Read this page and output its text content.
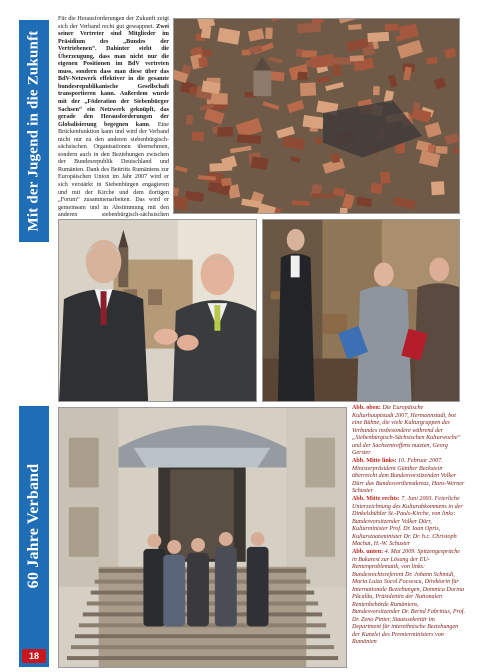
Mit der Jugend in die Zukunft
60 Jahre Verband
18

Für die Herausforderungen der Zukunft zeigt sich der Verband recht gut gewappnet. Zwei seiner Vertreter sind Mitglieder im Präsidium des „Bundes der Vertriebenen“. Dahinter steht die Überzeugung, dass man nicht nur die eigenen Positionen im BdV vertreten muss, sondern dass man diese über das BdV-Netzwerk effektiver in die gesamte bundesrepublikanische Gesellschaft transportieren kann. Außerdem wurde mit der „Föderation der Siebenbürger Sachsen“ ein Netzwerk geknüpft, das gerade den Herausforderungen der Globalisierung begegnen kann. Eine Brückenfunktion kann und wird der Verband nicht nur zu den anderen siebenbürgisch-sächsischen Organisationen übernehmen, sondern auch in den Beziehungen zwischen der Bundesrepublik Deutschland und Rumänien. Dank des Beitritts Rumäniens zur Europäischen Union im Jahr 2007 wird er sich verstärkt in Siebenbürgen engagieren und mit der Kirche und dem dortigen „Forum“ zusammenarbeiten. Das wird er gemeinsam und in Abstimmung mit den anderen siebenbürgisch-sächsischen

Abb. oben: Die Europäische Kulturhauptstadt 2007, Hermannstadt, bot eine Bühne, die viele Kulturgruppen des Verbandes insbesondere während der „Siebenbürgisch-Sächsischen Kulturwoche“ und der Sachsentreffens nutzten, Georg Gerster

Abb. Mitte links: 10. Februar 2007. Ministerpräsident Günther Beckstein überreicht dem Bundesvorsitzenden Volker Dürr das Bundesverdienstkreuz, Hans-Werner Schuster

Abb. Mitte rechts: 7. Juni 2003. Feierliche Unterzeichnung des Kulturabkommens in der Dinkelsbühler St.-Pauls-Kirche, von links: Bundesvorsitzender Volker Dürr, Kulturminister Prof. Dr. Ioan Opris, Kulturstaatsminister Dr. Dr. h.c. Christoph Machat, H.-W. Schuster

Abb. unten: 4. Mai 2009. Spitzengespräche in Bukarest zur Lösung der EU-Rentenproblematik, von links: Bundesrechtsreferent Dr. Johann Schmidt, Maria Luiza Socol Focsescu, Direktorin für Internationale Beziehungen, Domnica Dorina Păcalău, Präsidentin der Nationalen Rentenbehörde Rumäniens, Bundesvorsitzender Dr. Bernd Fabritius, Prof. Dr. Zeno Pinter, Staatssekretär im Department für interethnische Beziehungen der Kanzlei des Premierministers von Rumänien
